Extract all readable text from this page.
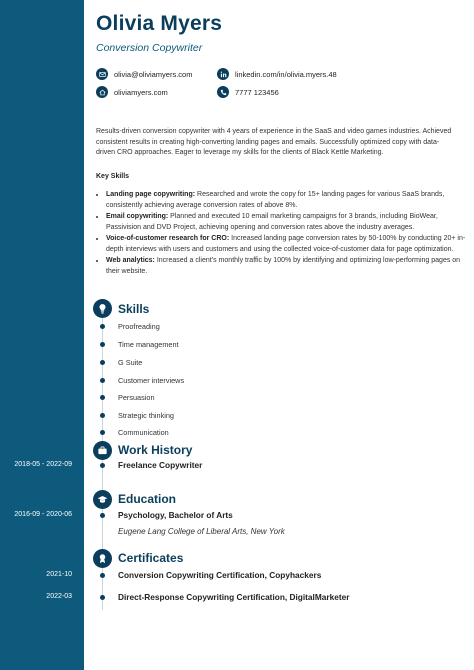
2018-05 - 2022-09
2016-09 - 2020-06
2021-10
2022-03
Olivia Myers
Conversion Copywriter
olivia@oliviamyers.com	linkedin.com/in/olivia.myers.48
oliviamyers.com	7777 123456

Results-driven conversion copywriter with 4 years of experience in the SaaS and video games industries. Achieved consistent results in creating high-converting landing pages and emails. Successfully optimized copy with data-driven CRO approaches. Eager to leverage my skills for the clients of Black Kettle Marketing.

Key Skills
• Landing page copywriting: Researched and wrote the copy for 15+ landing pages for various SaaS brands, consistently achieving average conversion rates of above 8%.
• Email copywriting: Planned and executed 10 email marketing campaigns for 3 brands, including BioWear, Passivision and DVD Project, achieving opening and conversion rates above the industry averages.
• Voice-of-customer research for CRO: Increased landing page conversion rates by 50-100% by conducting 20+ in-depth interviews with users and customers and using the collected voice-of-customer data for page optimization.
• Web analytics: Increased a client’s monthly traffic by 100% by identifying and optimizing low-performing pages on their website.
Skills
Proofreading
Time management
G Suite
Customer interviews
Persuasion
Strategic thinking
Communication
Work History
Freelance Copywriter
Education
Psychology, Bachelor of Arts
Eugene Lang College of Liberal Arts, New York
Certificates
Conversion Copywriting Certification, Copyhackers
Direct-Response Copywriting Certification, DigitalMarketer
